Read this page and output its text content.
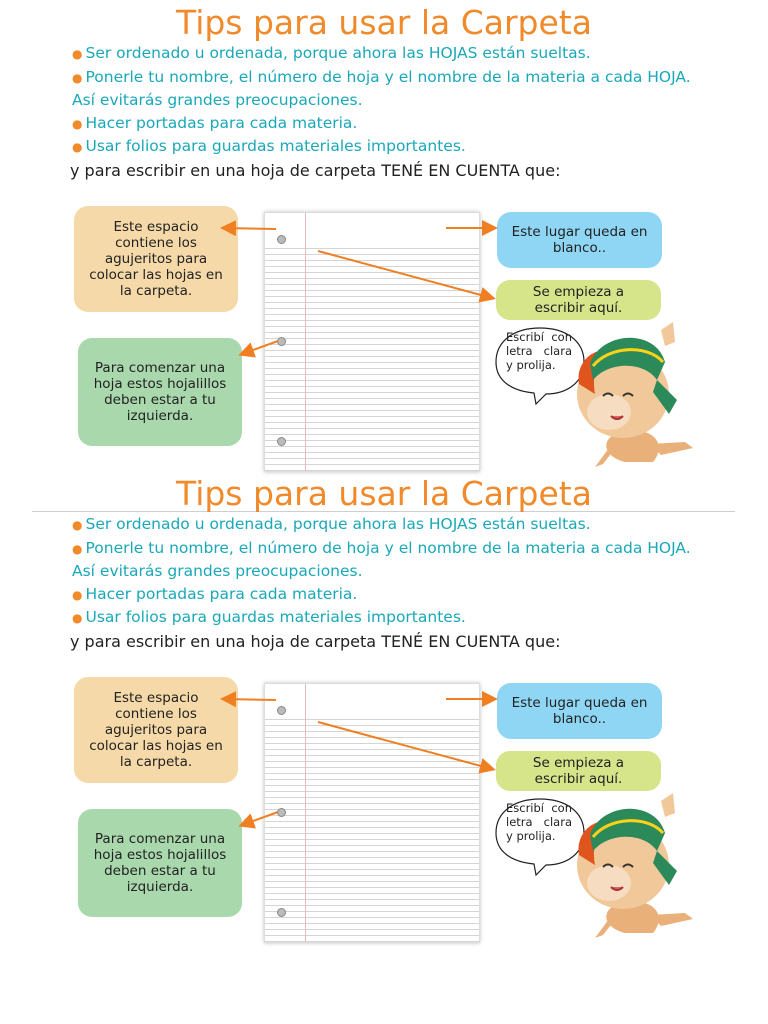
Tips para usar la Carpeta
● Ser ordenado u ordenada, porque ahora las HOJAS están sueltas.
● Ponerle tu nombre, el número de hoja y el nombre de la materia a cada HOJA. Así evitarás grandes preocupaciones.
● Hacer portadas para cada materia.
● Usar folios para guardas materiales importantes.
y para escribir en una hoja de carpeta TENÉ EN CUENTA que:
Este espacio contiene los agujeritos para colocar las hojas en la carpeta.
Para comenzar una hoja estos hojalillos deben estar a tu izquierda.
Este lugar queda en blanco..
Se empieza a escribir aquí.
Escribí con letra clara y prolija.
Tips para usar la Carpeta
● Ser ordenado u ordenada, porque ahora las HOJAS están sueltas.
● Ponerle tu nombre, el número de hoja y el nombre de la materia a cada HOJA. Así evitarás grandes preocupaciones.
● Hacer portadas para cada materia.
● Usar folios para guardas materiales importantes.
y para escribir en una hoja de carpeta TENÉ EN CUENTA que:
Este espacio contiene los agujeritos para colocar las hojas en la carpeta.
Para comenzar una hoja estos hojalillos deben estar a tu izquierda.
Este lugar queda en blanco..
Se empieza a escribir aquí.
Escribí con letra clara y prolija.
